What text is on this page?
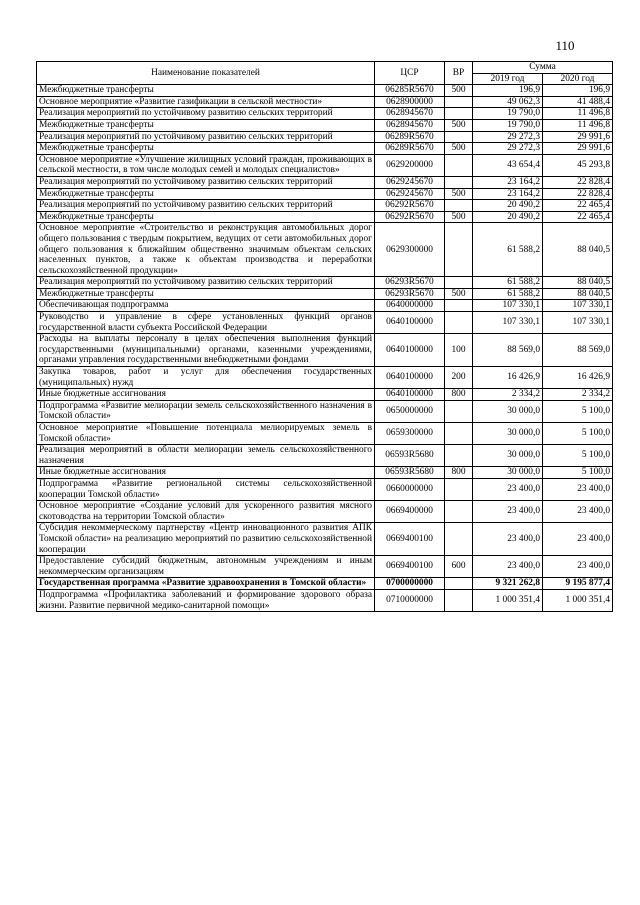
110
Наименование показателей	ЦСР	ВР	Сумма	
			2019 год	2020 год
Межбюджетные трансферты	06285R5670	500	196,9	196,9
Основное мероприятие «Развитие газификации в сельской местности»	0628900000		49 062,3	41 488,4
Реализация мероприятий по устойчивому развитию сельских территорий	0628945670		19 790,0	11 496,8
Межбюджетные трансферты	0628945670	500	19 790,0	11 496,8
Реализация мероприятий по устойчивому развитию сельских территорий	06289R5670		29 272,3	29 991,6
Межбюджетные трансферты	06289R5670	500	29 272,3	29 991,6
Основное мероприятие «Улучшение жилищных условий граждан, проживающих в сельской местности, в том числе молодых семей и молодых специалистов»	0629200000		43 654,4	45 293,8
Реализация мероприятий по устойчивому развитию сельских территорий	0629245670		23 164,2	22 828,4
Межбюджетные трансферты	0629245670	500	23 164,2	22 828,4
Реализация мероприятий по устойчивому развитию сельских территорий	06292R5670		20 490,2	22 465,4
Межбюджетные трансферты	06292R5670	500	20 490,2	22 465,4
Основное мероприятие «Строительство и реконструкция автомобильных дорог общего пользования с твердым покрытием, ведущих от сети автомобильных дорог общего пользования к ближайшим общественно значимым объектам сельских населенных пунктов, а также к объектам производства и переработки сельскохозяйственной продукции»	0629300000		61 588,2	88 040,5
Реализация мероприятий по устойчивому развитию сельских территорий	06293R5670		61 588,2	88 040,5
Межбюджетные трансферты	06293R5670	500	61 588,2	88 040,5
Обеспечивающая подпрограмма	0640000000		107 330,1	107 330,1
Руководство и управление в сфере установленных функций органов государственной власти субъекта Российской Федерации	0640100000		107 330,1	107 330,1
Расходы на выплаты персоналу в целях обеспечения выполнения функций государственными (муниципальными) органами, казенными учреждениями, органами управления государственными внебюджетными фондами	0640100000	100	88 569,0	88 569,0
Закупка товаров, работ и услуг для обеспечения государственных (муниципальных) нужд	0640100000	200	16 426,9	16 426,9
Иные бюджетные ассигнования	0640100000	800	2 334,2	2 334,2
Подпрограмма «Развитие мелиорации земель сельскохозяйственного назначения в Томской области»	0650000000		30 000,0	5 100,0
Основное мероприятие «Повышение потенциала мелиорируемых земель в Томской области»	0659300000		30 000,0	5 100,0
Реализация мероприятий в области мелиорации земель сельскохозяйственного назначения	06593R5680		30 000,0	5 100,0
Иные бюджетные ассигнования	06593R5680	800	30 000,0	5 100,0
Подпрограмма «Развитие региональной системы сельскохозяйственной кооперации Томской области»	0660000000		23 400,0	23 400,0
Основное мероприятие «Создание условий для ускоренного развития мясного скотоводства на территории Томской области»	0669400000		23 400,0	23 400,0
Субсидия некоммерческому партнерству «Центр инновационного развития АПК Томской области» на реализацию мероприятий по развитию сельскохозяйственной кооперации	0669400100		23 400,0	23 400,0
Предоставление субсидий бюджетным, автономным учреждениям и иным некоммерческим организациям	0669400100	600	23 400,0	23 400,0
Государственная программа «Развитие здравоохранения в Томской области»	0700000000		9 321 262,8	9 195 877,4
Подпрограмма «Профилактика заболеваний и формирование здорового образа жизни. Развитие первичной медико-санитарной помощи»	0710000000		1 000 351,4	1 000 351,4
